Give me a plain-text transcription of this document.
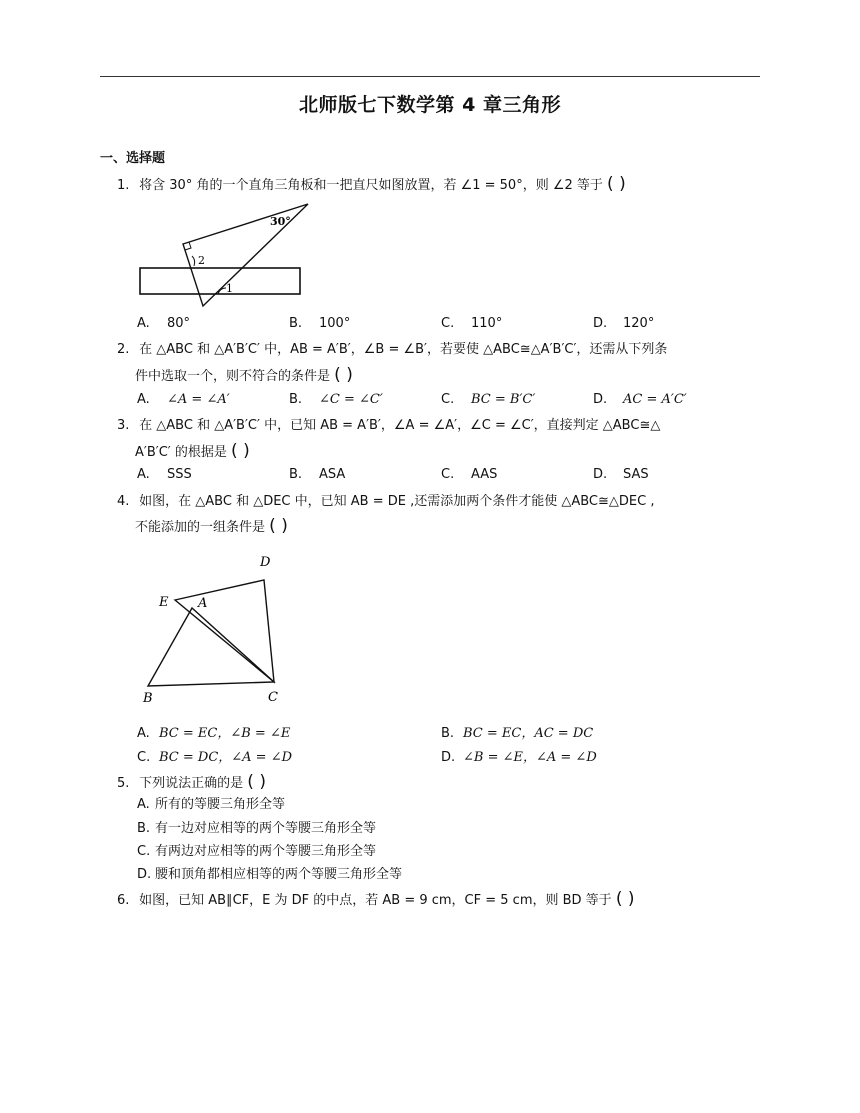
北师版七下数学第 4 章三角形
一、选择题
1. 将含 30° 角的一个直角三角板和一把直尺如图放置，若 ∠1 = 50°，则 ∠2 等于 ( )
30°
2
1
A. 80°	B. 100°	C. 110°	D. 120°
2. 在 △ABC 和 △A′B′C′ 中，AB = A′B′，∠B = ∠B′，若要使 △ABC≅△A′B′C′，还需从下列条
件中选取一个，则不符合的条件是 ( )
A. ∠A = ∠A′	B. ∠C = ∠C′	C. BC = B′C′	D. AC = A′C′
3. 在 △ABC 和 △A′B′C′ 中，已知 AB = A′B′，∠A = ∠A′，∠C = ∠C′，直接判定 △ABC≅△
A′B′C′ 的根据是 ( )
A. SSS	B. ASA	C. AAS	D. SAS
4. 如图，在 △ABC 和 △DEC 中，已知 AB = DE ,还需添加两个条件才能使 △ABC≅△DEC ,
不能添加的一组条件是 ( )
D
E A
B	C
A. BC = EC，∠B = ∠E	B. BC = EC，AC = DC
C. BC = DC，∠A = ∠D	D. ∠B = ∠E，∠A = ∠D
5. 下列说法正确的是 ( )
A. 所有的等腰三角形全等
B. 有一边对应相等的两个等腰三角形全等
C. 有两边对应相等的两个等腰三角形全等
D. 腰和顶角都相应相等的两个等腰三角形全等
6. 如图，已知 AB∥CF，E 为 DF 的中点，若 AB = 9 cm，CF = 5 cm，则 BD 等于 ( )
